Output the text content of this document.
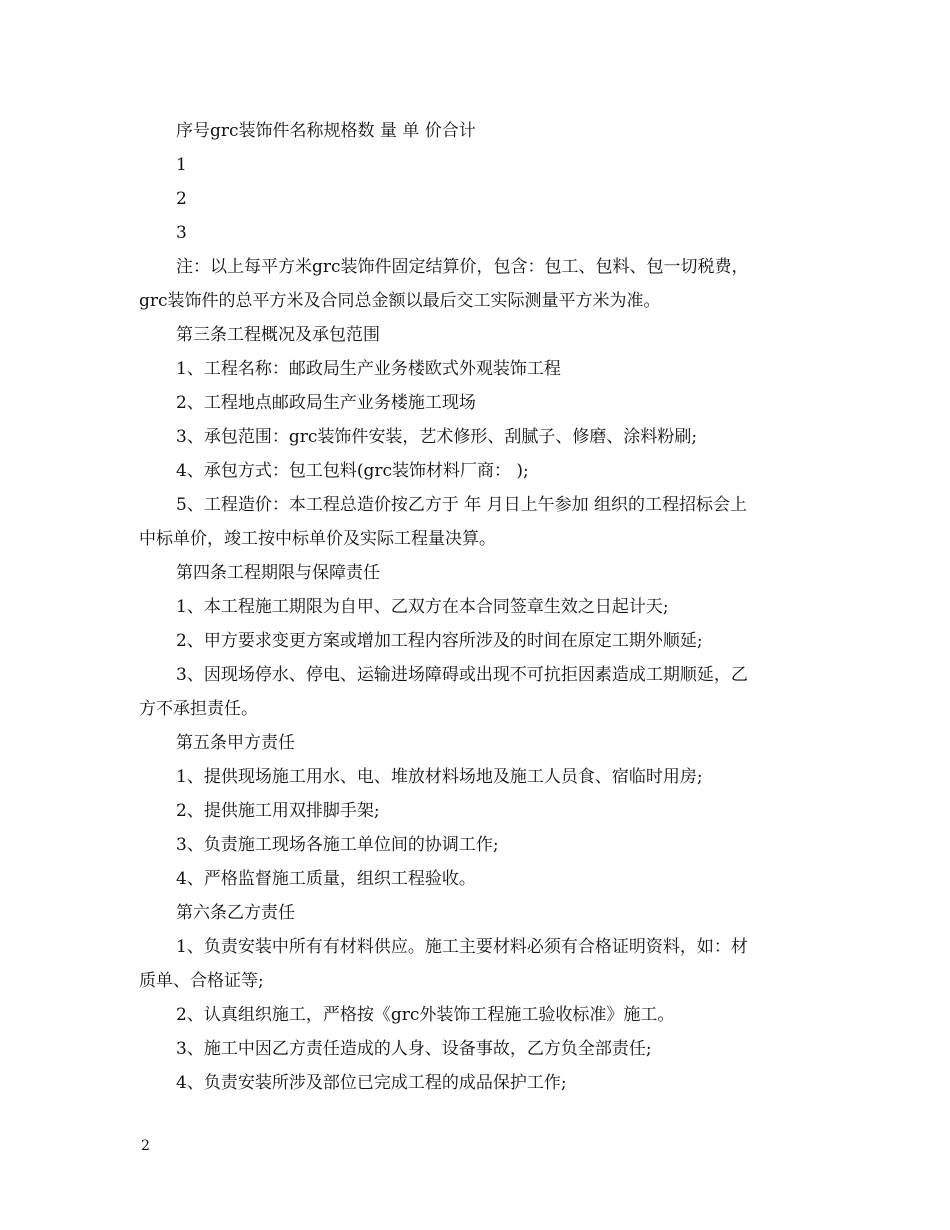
序号grc装饰件名称规格数 量 单 价合计
1
2
3
注：以上每平方米grc装饰件固定结算价，包含：包工、包料、包一切税费，
grc装饰件的总平方米及合同总金额以最后交工实际测量平方米为准。
第三条工程概况及承包范围
1、工程名称：邮政局生产业务楼欧式外观装饰工程
2、工程地点邮政局生产业务楼施工现场
3、承包范围：grc装饰件安装，艺术修形、刮腻子、修磨、涂料粉刷;
4、承包方式：包工包料(grc装饰材料厂商： );
5、工程造价：本工程总造价按乙方于 年 月日上午参加 组织的工程招标会上
中标单价，竣工按中标单价及实际工程量决算。
第四条工程期限与保障责任
1、本工程施工期限为自甲、乙双方在本合同签章生效之日起计天;
2、甲方要求变更方案或增加工程内容所涉及的时间在原定工期外顺延;
3、因现场停水、停电、运输进场障碍或出现不可抗拒因素造成工期顺延，乙
方不承担责任。
第五条甲方责任
1、提供现场施工用水、电、堆放材料场地及施工人员食、宿临时用房;
2、提供施工用双排脚手架;
3、负责施工现场各施工单位间的协调工作;
4、严格监督施工质量，组织工程验收。
第六条乙方责任
1、负责安装中所有有材料供应。施工主要材料必须有合格证明资料，如：材
质单、合格证等;
2、认真组织施工，严格按《grc外装饰工程施工验收标准》施工。
3、施工中因乙方责任造成的人身、设备事故，乙方负全部责任;
4、负责安装所涉及部位已完成工程的成品保护工作;
2
